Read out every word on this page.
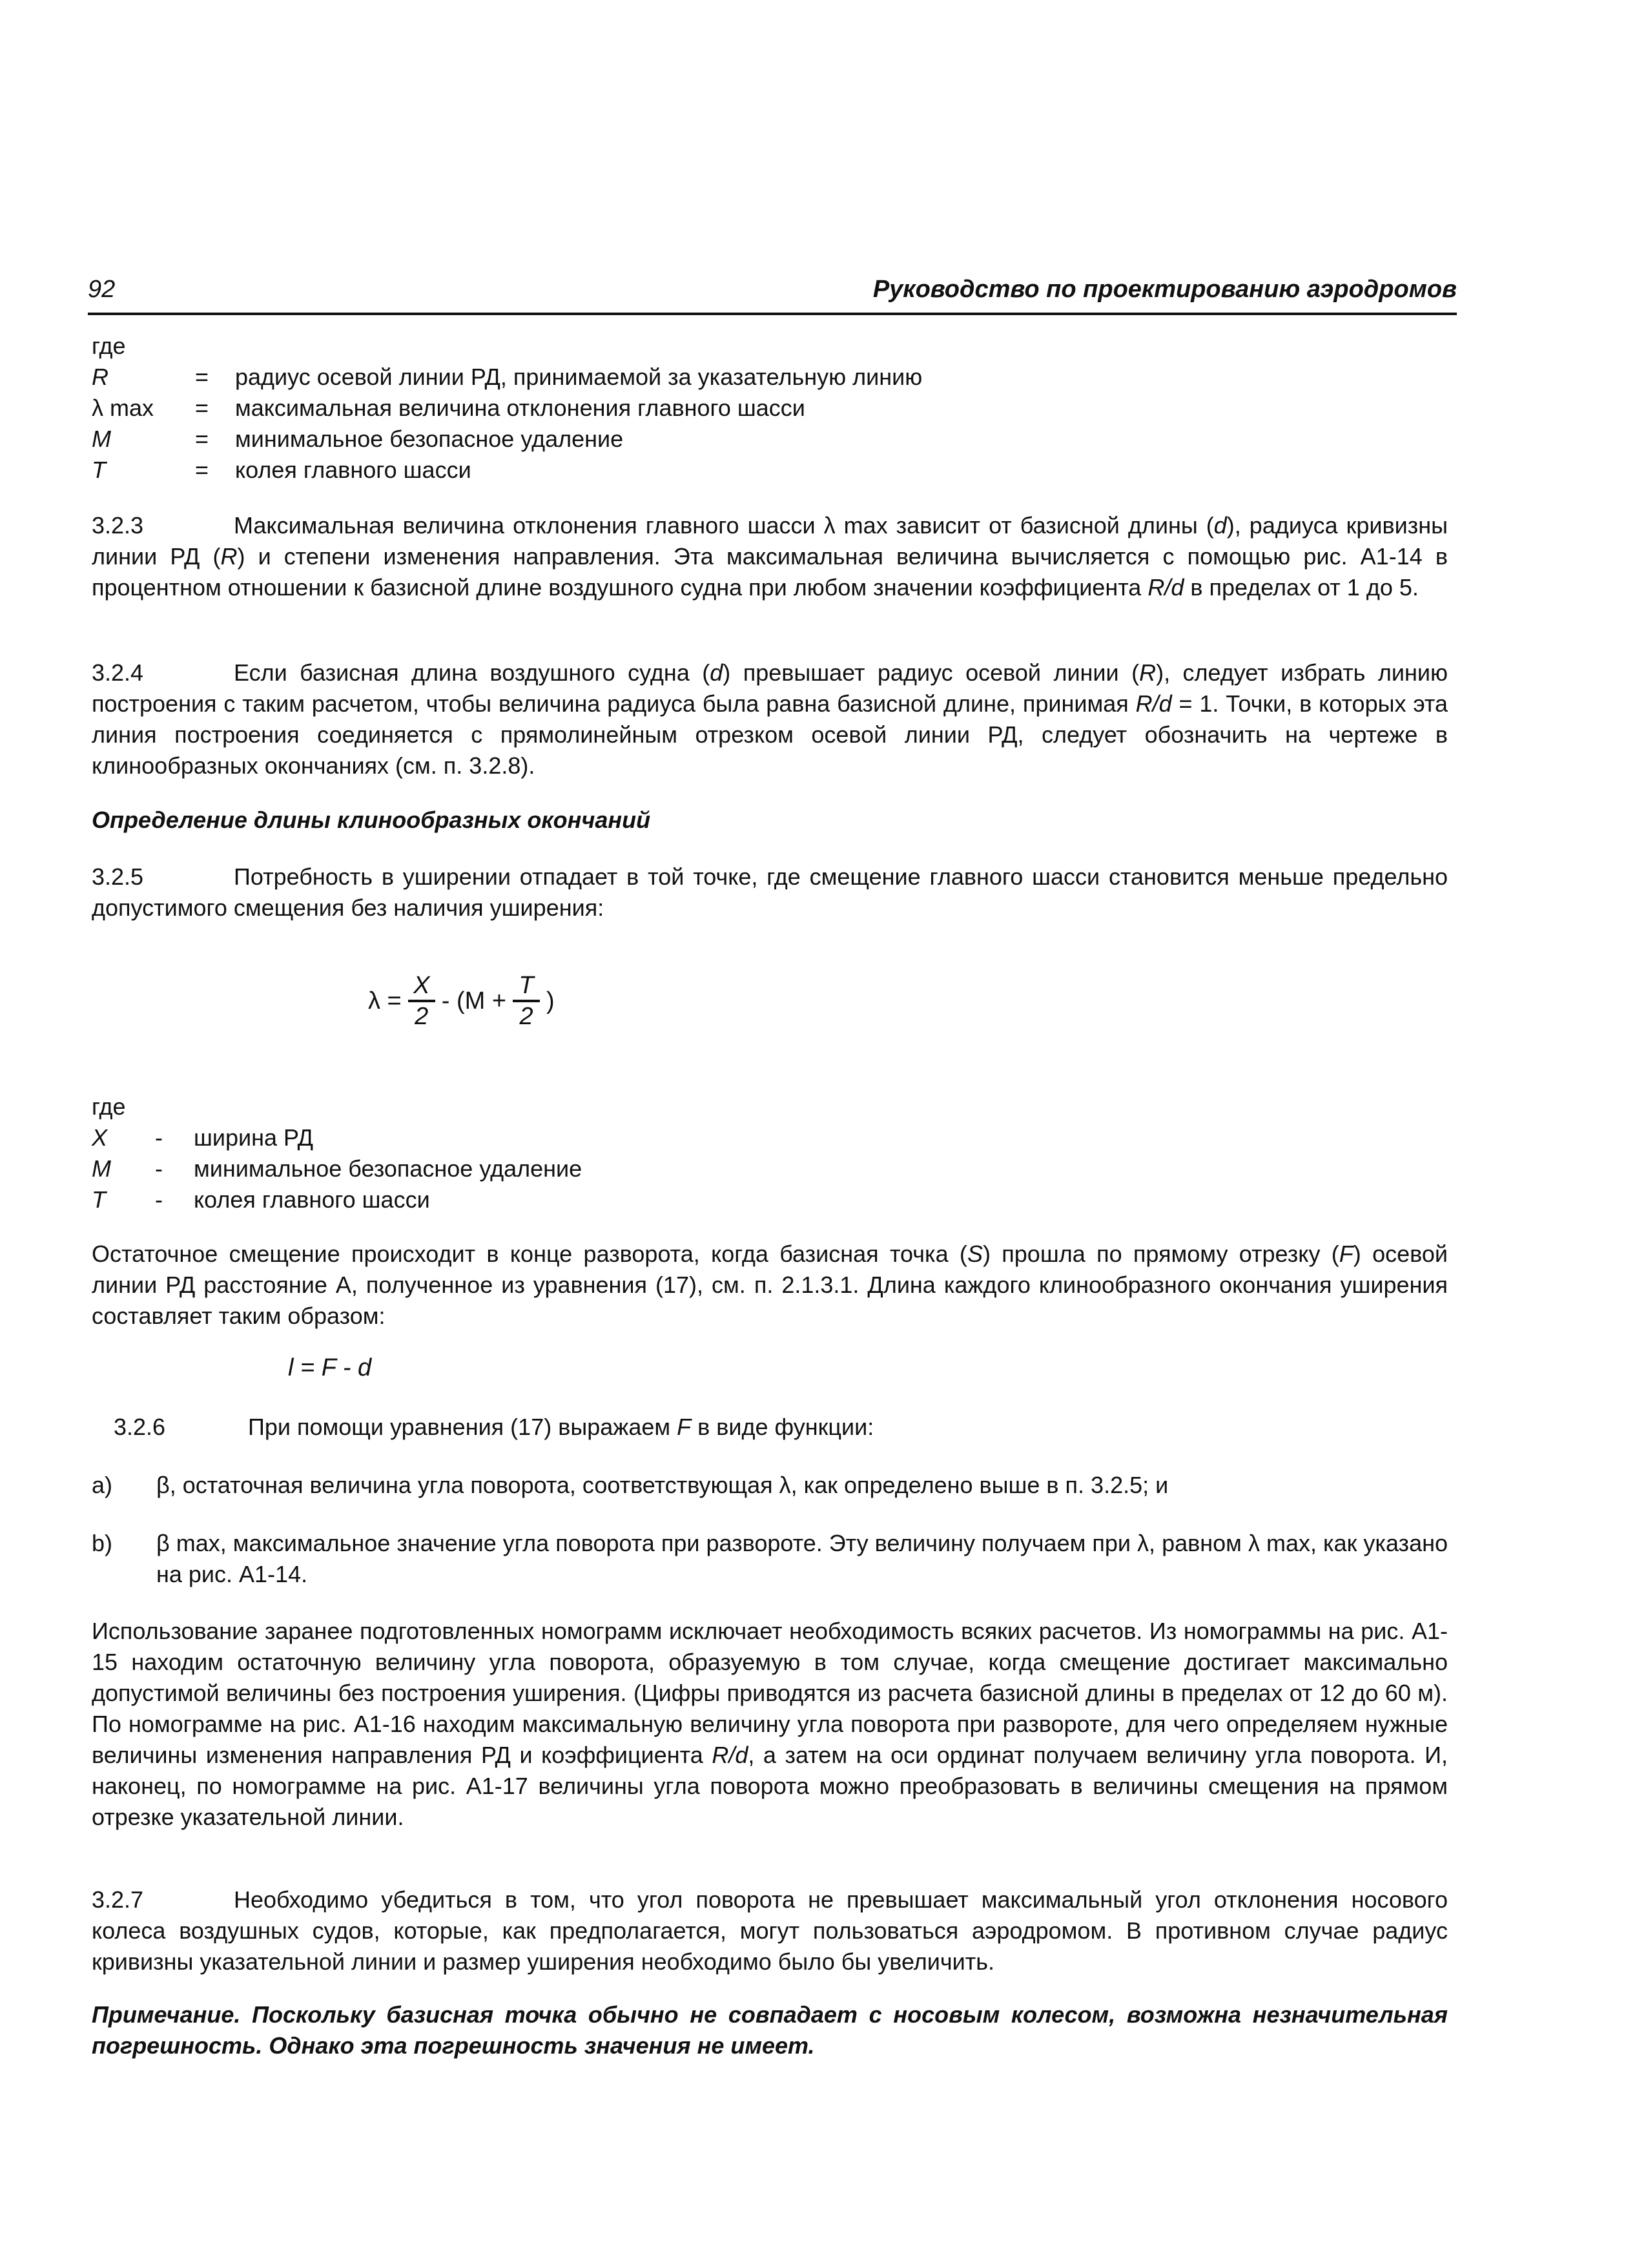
92	Руководство по проектированию аэродромов
где
R	=	радиус осевой линии РД, принимаемой за указательную линию
λ max	=	максимальная величина отклонения главного шасси
M	=	минимальное безопасное удаление
T	=	колея главного шасси
3.2.3	Максимальная величина отклонения главного шасси λ max зависит от базисной длины (d), радиуса кривизны линии РД (R) и степени изменения направления. Эта максимальная величина вычисляется с помощью рис. А1-14 в процентном отношении к базисной длине воздушного судна при любом значении коэффициента R/d в пределах от 1 до 5.
3.2.4	Если базисная длина воздушного судна (d) превышает радиус осевой линии (R), следует избрать линию построения с таким расчетом, чтобы величина радиуса была равна базисной длине, принимая R/d = 1. Точки, в которых эта линия построения соединяется с прямолинейным отрезком осевой линии РД, следует обозначить на чертеже в клинообразных окончаниях (см. п. 3.2.8).
Определение длины клинообразных окончаний
3.2.5	Потребность в уширении отпадает в той точке, где смещение главного шасси становится меньше предельно допустимого смещения без наличия уширения:
$\lambda = \frac{X}{2} - (M + \frac{T}{2}$ )
где
X	-	ширина РД
M	-	минимальное безопасное удаление
T	-	колея главного шасси
Остаточное смещение происходит в конце разворота, когда базисная точка (S) прошла по прямому отрезку (F) осевой линии РД расстояние А, полученное из уравнения (17), см. п. 2.1.3.1. Длина каждого клинообразного окончания уширения составляет таким образом:
l = F - d
3.2.6	При помощи уравнения (17) выражаем F в виде функции:
a)	β, остаточная величина угла поворота, соответствующая λ, как определено выше в п. 3.2.5; и
b)	β max, максимальное значение угла поворота при развороте. Эту величину получаем при λ, равном λ max, как указано на рис. А1-14.
Использование заранее подготовленных номограмм исключает необходимость всяких расчетов. Из номограммы на рис. А1-15 находим остаточную величину угла поворота, образуемую в том случае, когда смещение достигает максимально допустимой величины без построения уширения. (Цифры приводятся из расчета базисной длины в пределах от 12 до 60 м). По номограмме на рис. А1-16 находим максимальную величину угла поворота при развороте, для чего определяем нужные величины изменения направления РД и коэффициента R/d, а затем на оси ординат получаем величину угла поворота. И, наконец, по номограмме на рис. А1-17 величины угла поворота можно преобразовать в величины смещения на прямом отрезке указательной линии.
3.2.7	Необходимо убедиться в том, что угол поворота не превышает максимальный угол отклонения носового колеса воздушных судов, которые, как предполагается, могут пользоваться аэродромом. В противном случае радиус кривизны указательной линии и размер уширения необходимо было бы увеличить.
Примечание. Поскольку базисная точка обычно не совпадает с носовым колесом, возможна незначительная погрешность. Однако эта погрешность значения не имеет.
